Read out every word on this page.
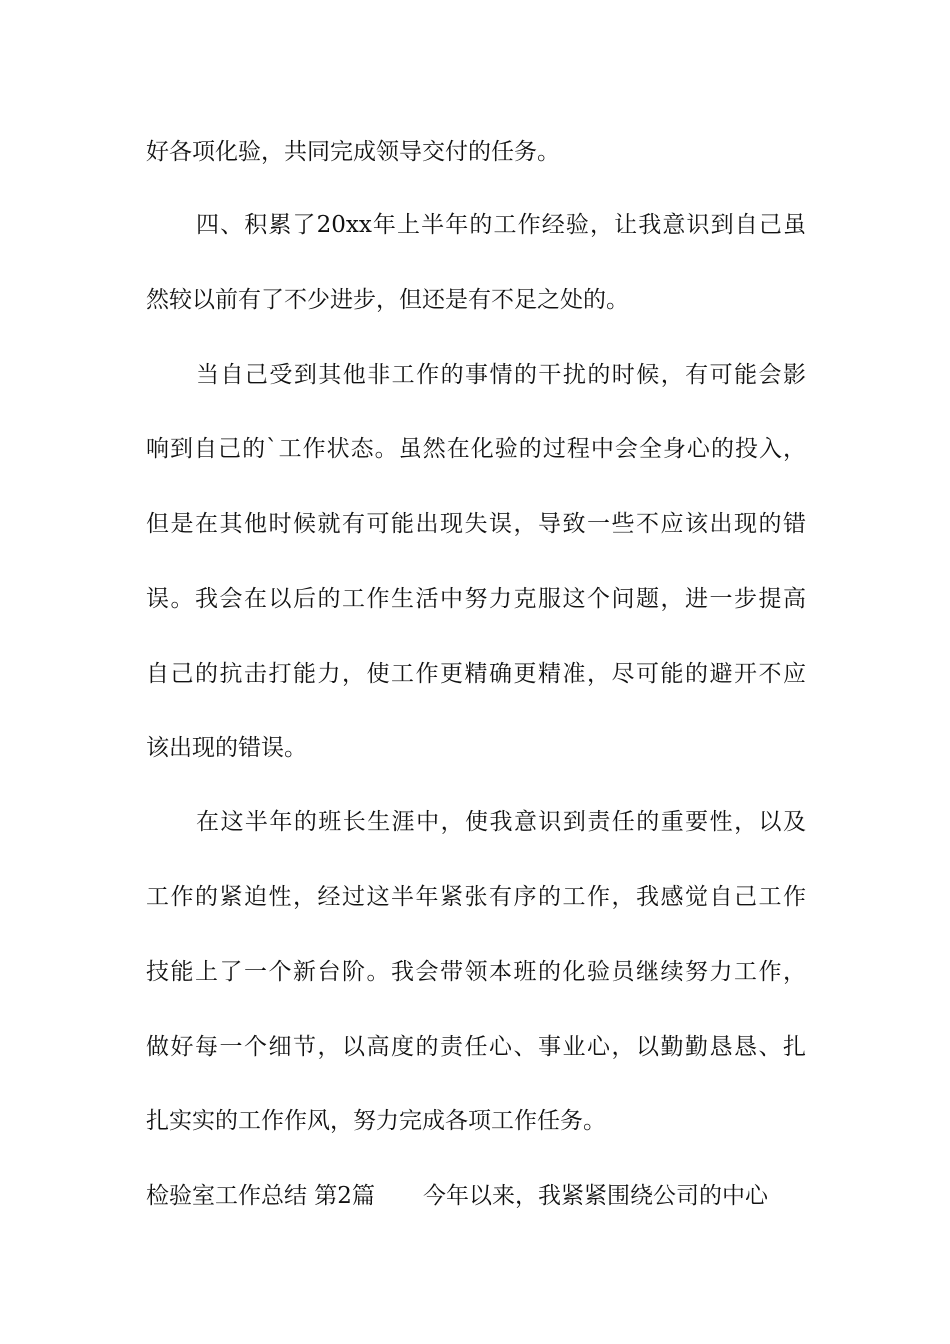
好各项化验，共同完成领导交付的任务。
四、积累了20xx年上半年的工作经验，让我意识到自己虽
然较以前有了不少进步，但还是有不足之处的。
当自己受到其他非工作的事情的干扰的时候，有可能会影
响到自己的`工作状态。虽然在化验的过程中会全身心的投入，
但是在其他时候就有可能出现失误，导致一些不应该出现的错
误。我会在以后的工作生活中努力克服这个问题，进一步提高
自己的抗击打能力，使工作更精确更精准，尽可能的避开不应
该出现的错误。
在这半年的班长生涯中，使我意识到责任的重要性，以及
工作的紧迫性，经过这半年紧张有序的工作，我感觉自己工作
技能上了一个新台阶。我会带领本班的化验员继续努力工作，
做好每一个细节，以高度的责任心、事业心，以勤勤恳恳、扎
扎实实的工作作风，努力完成各项工作任务。
检验室工作总结 第2篇 今年以来，我紧紧围绕公司的中心
